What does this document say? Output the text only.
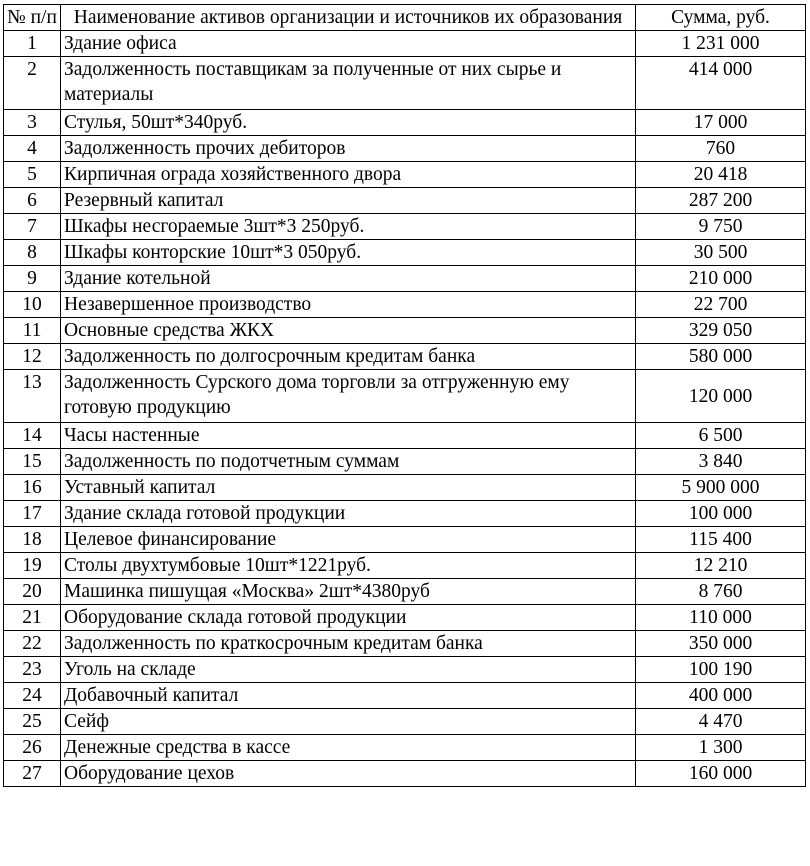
№ п/п	Наименование активов организации и источников их образования	Сумма, руб.
1	Здание офиса	1 231 000
2	Задолженность поставщикам за полученные от них сырье и материалы	414 000
3	Стулья, 50шт*340руб.	17 000
4	Задолженность прочих дебиторов	760
5	Кирпичная ограда хозяйственного двора	20 418
6	Резервный капитал	287 200
7	Шкафы несгораемые 3шт*3 250руб.	9 750
8	Шкафы конторские 10шт*3 050руб.	30 500
9	Здание котельной	210 000
10	Незавершенное производство	22 700
11	Основные средства ЖКХ	329 050
12	Задолженность по долгосрочным кредитам банка	580 000
13	Задолженность Сурского дома торговли за отгруженную ему готовую продукцию	120 000
14	Часы настенные	6 500
15	Задолженность по подотчетным суммам	3 840
16	Уставный капитал	5 900 000
17	Здание склада готовой продукции	100 000
18	Целевое финансирование	115 400
19	Столы двухтумбовые 10шт*1221руб.	12 210
20	Машинка пишущая «Москва» 2шт*4380руб	8 760
21	Оборудование склада готовой продукции	110 000
22	Задолженность по краткосрочным кредитам банка	350 000
23	Уголь на складе	100 190
24	Добавочный капитал	400 000
25	Сейф	4 470
26	Денежные средства в кассе	1 300
27	Оборудование цехов	160 000
